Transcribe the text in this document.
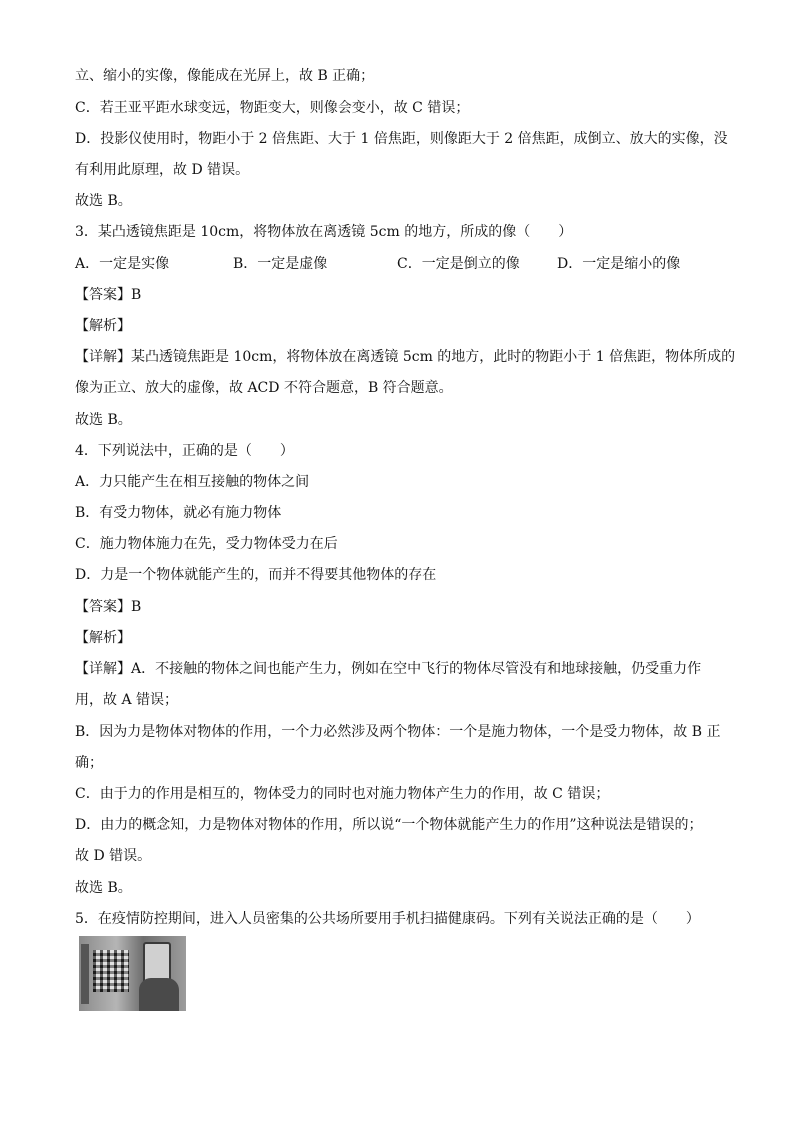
立、缩小的实像，像能成在光屏上，故 B 正确；
C．若王亚平距水球变远，物距变大，则像会变小，故 C 错误；
D．投影仪使用时，物距小于 2 倍焦距、大于 1 倍焦距，则像距大于 2 倍焦距，成倒立、放大的实像，没
有利用此原理，故 D 错误。
故选 B。
3．某凸透镜焦距是 10cm，将物体放在离透镜 5cm 的地方，所成的像（　　）
A．一定是实像	B．一定是虚像	C．一定是倒立的像	D．一定是缩小的像
【答案】B
【解析】
【详解】某凸透镜焦距是 10cm，将物体放在离透镜 5cm 的地方，此时的物距小于 1 倍焦距，物体所成的
像为正立、放大的虚像，故 ACD 不符合题意，B 符合题意。
故选 B。
4．下列说法中，正确的是（　　）
A．力只能产生在相互接触的物体之间
B．有受力物体，就必有施力物体
C．施力物体施力在先，受力物体受力在后
D．力是一个物体就能产生的，而并不得要其他物体的存在
【答案】B
【解析】
【详解】A．不接触的物体之间也能产生力，例如在空中飞行的物体尽管没有和地球接触，仍受重力作
用，故 A 错误；
B．因为力是物体对物体的作用，一个力必然涉及两个物体：一个是施力物体，一个是受力物体，故 B 正
确；
C．由于力的作用是相互的，物体受力的同时也对施力物体产生力的作用，故 C 错误；
D．由力的概念知，力是物体对物体的作用，所以说“一个物体就能产生力的作用”这种说法是错误的；
故 D 错误。
故选 B。
5．在疫情防控期间，进入人员密集的公共场所要用手机扫描健康码。下列有关说法正确的是（　　）
